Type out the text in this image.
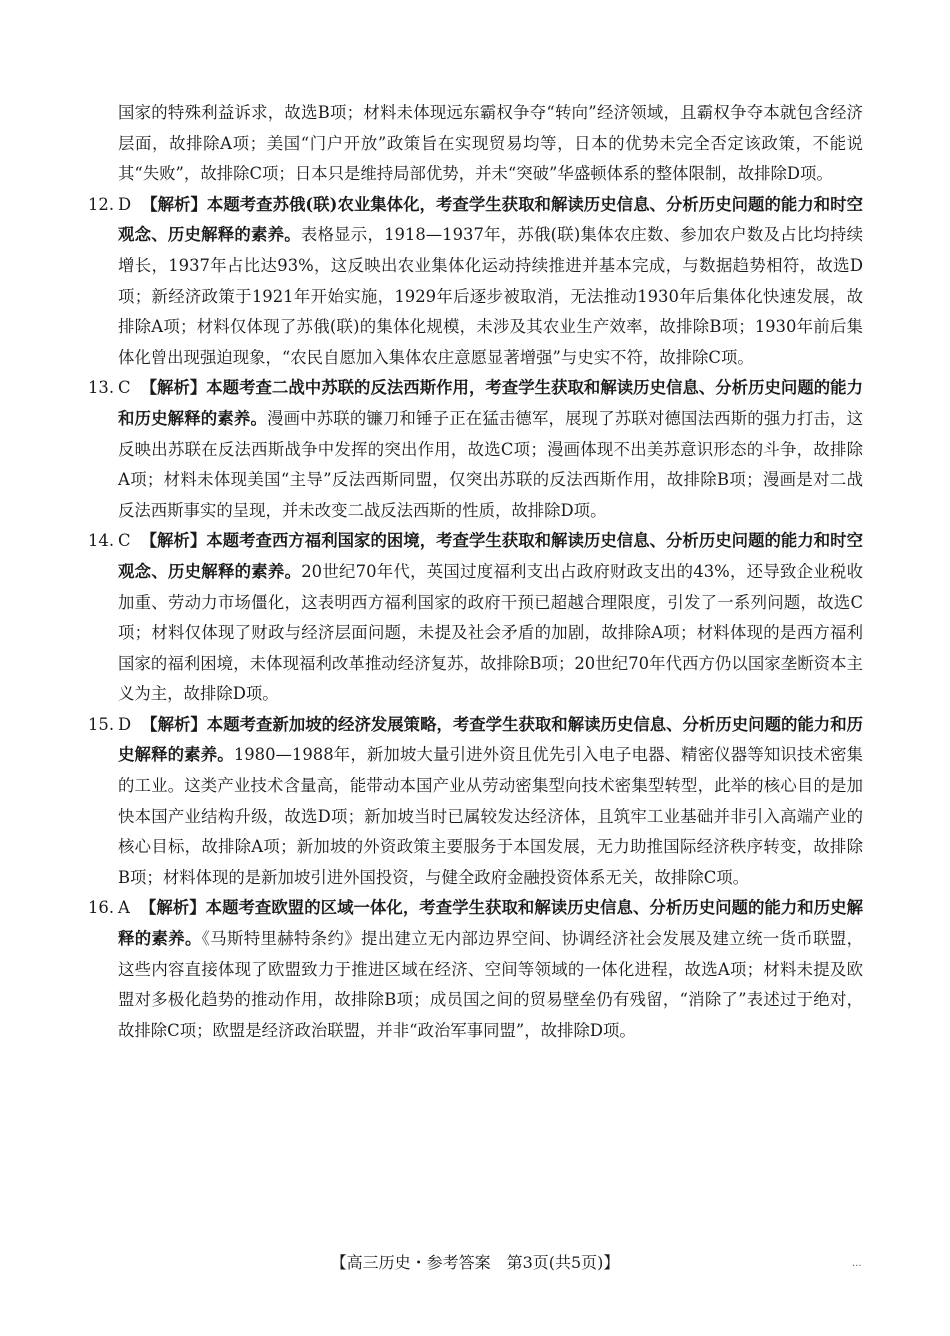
国家的特殊利益诉求，故选B项；材料未体现远东霸权争夺“转向”经济领域，且霸权争夺本就包含经济层面，故排除A项；美国“门户开放”政策旨在实现贸易均等，日本的优势未完全否定该政策，不能说其“失败”，故排除C项；日本只是维持局部优势，并未“突破”华盛顿体系的整体限制，故排除D项。

12. D 【解析】本题考查苏俄(联)农业集体化，考查学生获取和解读历史信息、分析历史问题的能力和时空观念、历史解释的素养。表格显示，1918—1937年，苏俄(联)集体农庄数、参加农户数及占比均持续增长，1937年占比达93%，这反映出农业集体化运动持续推进并基本完成，与数据趋势相符，故选D项；新经济政策于1921年开始实施，1929年后逐步被取消，无法推动1930年后集体化快速发展，故排除A项；材料仅体现了苏俄(联)的集体化规模，未涉及其农业生产效率，故排除B项；1930年前后集体化曾出现强迫现象，“农民自愿加入集体农庄意愿显著增强”与史实不符，故排除C项。
13. C 【解析】本题考查二战中苏联的反法西斯作用，考查学生获取和解读历史信息、分析历史问题的能力和历史解释的素养。漫画中苏联的镰刀和锤子正在猛击德军，展现了苏联对德国法西斯的强力打击，这反映出苏联在反法西斯战争中发挥的突出作用，故选C项；漫画体现不出美苏意识形态的斗争，故排除A项；材料未体现美国“主导”反法西斯同盟，仅突出苏联的反法西斯作用，故排除B项；漫画是对二战反法西斯事实的呈现，并未改变二战反法西斯的性质，故排除D项。
14. C 【解析】本题考查西方福利国家的困境，考查学生获取和解读历史信息、分析历史问题的能力和时空观念、历史解释的素养。20世纪70年代，英国过度福利支出占政府财政支出的43%，还导致企业税收加重、劳动力市场僵化，这表明西方福利国家的政府干预已超越合理限度，引发了一系列问题，故选C项；材料仅体现了财政与经济层面问题，未提及社会矛盾的加剧，故排除A项；材料体现的是西方福利国家的福利困境，未体现福利改革推动经济复苏，故排除B项；20世纪70年代西方仍以国家垄断资本主义为主，故排除D项。
15. D 【解析】本题考查新加坡的经济发展策略，考查学生获取和解读历史信息、分析历史问题的能力和历史解释的素养。1980—1988年，新加坡大量引进外资且优先引入电子电器、精密仪器等知识技术密集的工业。这类产业技术含量高，能带动本国产业从劳动密集型向技术密集型转型，此举的核心目的是加快本国产业结构升级，故选D项；新加坡当时已属较发达经济体，且筑牢工业基础并非引入高端产业的核心目标，故排除A项；新加坡的外资政策主要服务于本国发展，无力助推国际经济秩序转变，故排除B项；材料体现的是新加坡引进外国投资，与健全政府金融投资体系无关，故排除C项。
16. A 【解析】本题考查欧盟的区域一体化，考查学生获取和解读历史信息、分析历史问题的能力和历史解释的素养。《马斯特里赫特条约》提出建立无内部边界空间、协调经济社会发展及建立统一货币联盟，这些内容直接体现了欧盟致力于推进区域在经济、空间等领域的一体化进程，故选A项；材料未提及欧盟对多极化趋势的推动作用，故排除B项；成员国之间的贸易壁垒仍有残留，“消除了”表述过于绝对，故排除C项；欧盟是经济政治联盟，并非“政治军事同盟”，故排除D项。
【高三历史・参考答案　第3页(共5页)】	...
